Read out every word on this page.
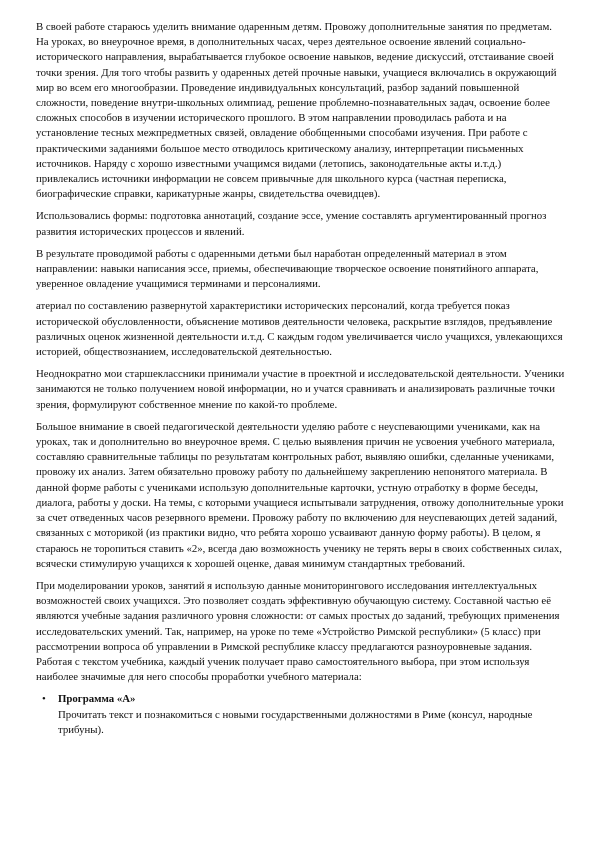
В своей работе стараюсь уделить внимание одаренным детям. Провожу дополнительные занятия по предметам. На уроках, во внеурочное время, в дополнительных часах, через деятельное освоение явлений социально-исторического направления, вырабатывается глубокое освоение навыков, ведение дискуссий, отстаивание своей точки зрения. Для того чтобы развить у одаренных детей прочные навыки, учащиеся включались в окружающий мир во всем его многообразии. Проведение индивидуальных консультаций, разбор заданий повышенной сложности, поведение внутри-школьных олимпиад, решение проблемно-познавательных задач, освоение более сложных способов в изучении исторического прошлого. В этом направлении проводилась работа и на установление тесных межпредметных связей, овладение обобщенными способами изучения. При работе с практическими заданиями большое место отводилось критическому анализу, интерпретации письменных источников. Наряду с хорошо известными учащимся видами (летопись, законодательные акты и.т.д.) привлекались источники информации не совсем привычные для школьного курса (частная переписка, биографические справки, карикатурные жанры, свидетельства очевидцев).

Использовались формы: подготовка аннотаций, создание эссе, умение составлять аргументированный прогноз развития исторических процессов и явлений.

В результате проводимой работы с одаренными детьми был наработан определенный материал в этом направлении: навыки написания эссе, приемы, обеспечивающие творческое освоение понятийного аппарата, уверенное овладение учащимися терминами и персоналиями.

атериал по составлению развернутой характеристики исторических персоналий, когда требуется показ исторической обусловленности, объяснение мотивов деятельности человека, раскрытие взглядов, предъявление различных оценок жизненной деятельности и.т.д. С каждым годом увеличивается число учащихся, увлекающихся историей, обществознанием, исследовательской деятельностью.

Неоднократно мои старшеклассники принимали участие в проектной и исследовательской деятельности. Ученики занимаются не только получением новой информации, но и учатся сравнивать и анализировать различные точки зрения, формулируют собственное мнение по какой-то проблеме.

Большое внимание в своей педагогической деятельности уделяю работе с неуспевающими учениками, как на уроках, так и дополнительно во внеурочное время. С целью выявления причин не усвоения учебного материала, составляю сравнительные таблицы по результатам контрольных работ, выявляю ошибки, сделанные учениками, провожу их анализ. Затем обязательно провожу работу по дальнейшему закреплению непонятого материала. В данной форме работы с учениками использую дополнительные карточки, устную отработку в форме беседы, диалога, работы у доски. На темы, с которыми учащиеся испытывали затруднения, отвожу дополнительные уроки за счет отведенных часов резервного времени. Провожу работу по включению для неуспевающих детей заданий, связанных с моторикой (из практики видно, что ребята хорошо усваивают данную форму работы). В целом, я стараюсь не торопиться ставить «2», всегда даю возможность ученику не терять веры в своих собственных силах, всячески стимулирую учащихся к хорошей оценке, давая минимум стандартных требований.

При моделировании уроков, занятий я использую данные мониторингового исследования интеллектуальных возможностей своих учащихся. Это позволяет создать эффективную обучающую систему. Составной частью её являются учебные задания различного уровня сложности: от самых простых до заданий, требующих применения исследовательских умений. Так, например, на уроке по теме «Устройство Римской республики» (5 класс) при рассмотрении вопроса об управлении в Римской республике классу предлагаются разноуровневые задания. Работая с текстом учебника, каждый ученик получает право самостоятельного выбора, при этом используя наиболее значимые для него способы проработки учебного материала:

• Программа «А»
Прочитать текст и познакомиться с новыми государственными должностями в Риме (консул, народные трибуны).
